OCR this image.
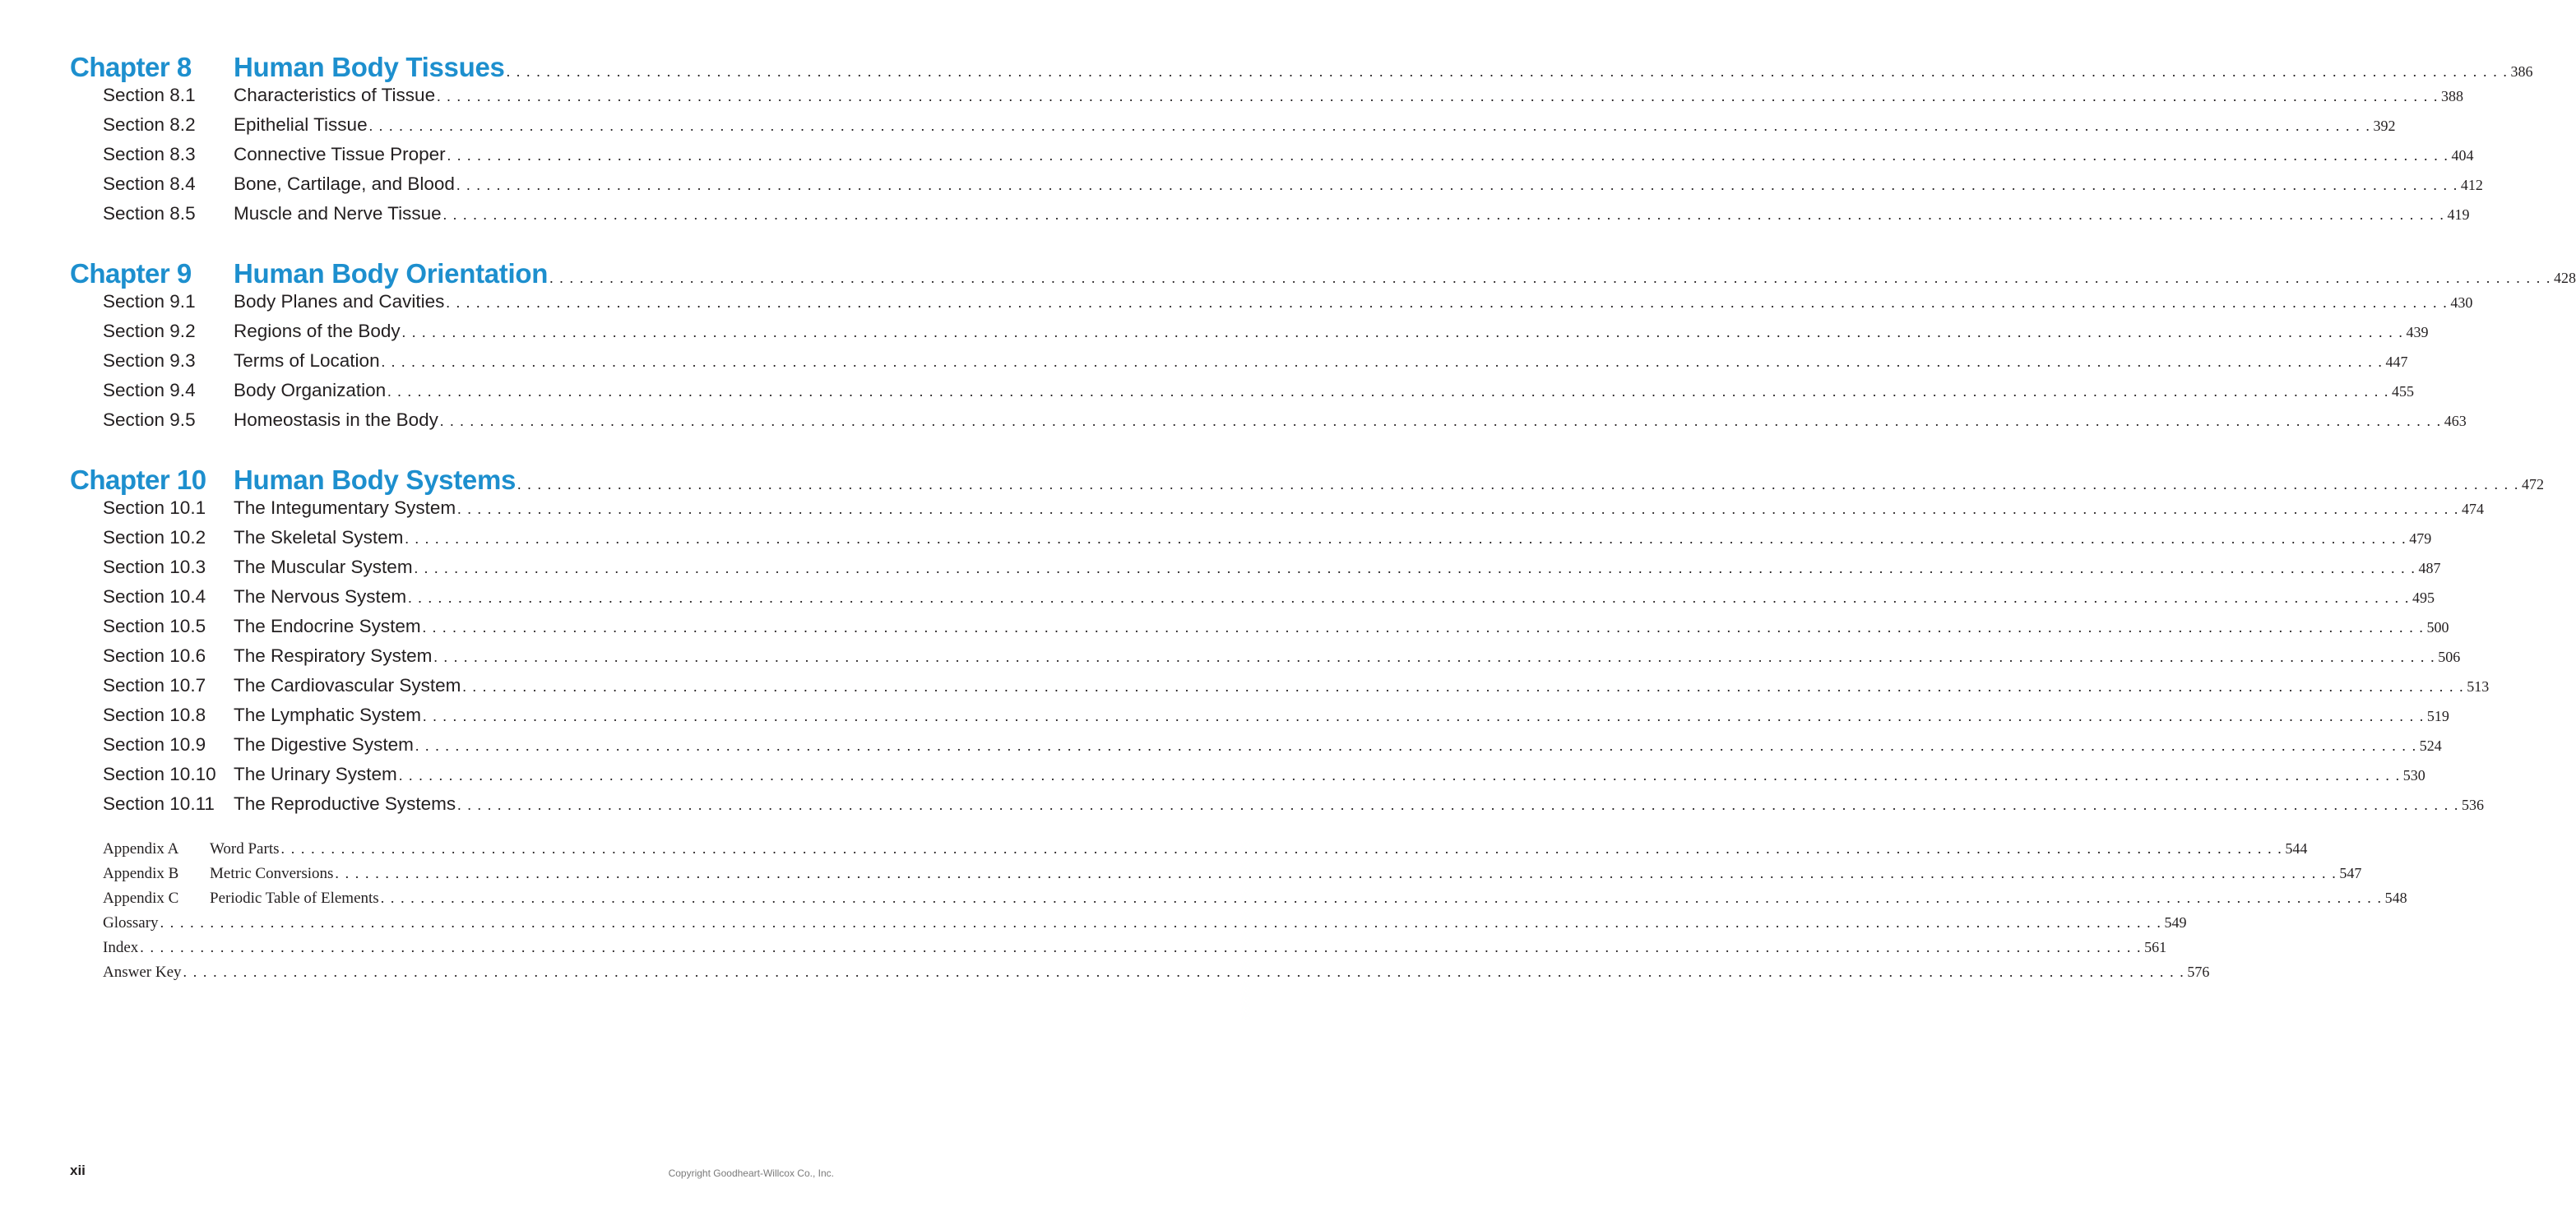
Chapter 8	Human Body Tissues . . . . . . . . . . . . . . . . . . . . . . . . . . . . . . . . . . . . . . . . . . . . . . . . . . . . . . . . . . . . . . . . . . . . . . . . . . . . . . . . . . . . . . . . . . . . . . . . . . . . . . . . . . . . . . . . . . . . . . . . . . . . . . . . . . . . . . . . . . . . . . . . . . . . . . . . . . . . . . . . . . . . . . . . . . . . . . . . . . . . . . . . . . . . . . . . . . . . . . . . 386
Section 8.1	Characteristics of Tissue . . . . . . . . . . . . . . . . . . . . . . . . . . . . . . . . . . . . . . . . . . . . . . . . . . . . . . . . . . . . . . . . . . . . . . . . . . . . . . . . . . . . . . . . . . . . . . . . . . . . . . . . . . . . . . . . . . . . . . . . . . . . . . . . . . . . . . . . . . . . . . . . . . . . . . . . . . . . . . . . . . . . . . . . . . . . . . . . . . . . . . . . . . . . . . . . . . . . . . . . 388
Section 8.2	Epithelial Tissue . . . . . . . . . . . . . . . . . . . . . . . . . . . . . . . . . . . . . . . . . . . . . . . . . . . . . . . . . . . . . . . . . . . . . . . . . . . . . . . . . . . . . . . . . . . . . . . . . . . . . . . . . . . . . . . . . . . . . . . . . . . . . . . . . . . . . . . . . . . . . . . . . . . . . . . . . . . . . . . . . . . . . . . . . . . . . . . . . . . . . . . . . . . . . . . . . . . . . . . . 392
Section 8.3	Connective Tissue Proper . . . . . . . . . . . . . . . . . . . . . . . . . . . . . . . . . . . . . . . . . . . . . . . . . . . . . . . . . . . . . . . . . . . . . . . . . . . . . . . . . . . . . . . . . . . . . . . . . . . . . . . . . . . . . . . . . . . . . . . . . . . . . . . . . . . . . . . . . . . . . . . . . . . . . . . . . . . . . . . . . . . . . . . . . . . . . . . . . . . . . . . . . . . . . . . . . . . . . . . . 404
Section 8.4	Bone, Cartilage, and Blood . . . . . . . . . . . . . . . . . . . . . . . . . . . . . . . . . . . . . . . . . . . . . . . . . . . . . . . . . . . . . . . . . . . . . . . . . . . . . . . . . . . . . . . . . . . . . . . . . . . . . . . . . . . . . . . . . . . . . . . . . . . . . . . . . . . . . . . . . . . . . . . . . . . . . . . . . . . . . . . . . . . . . . . . . . . . . . . . . . . . . . . . . . . . . . . . . . . . . . . . 412
Section 8.5	Muscle and Nerve Tissue . . . . . . . . . . . . . . . . . . . . . . . . . . . . . . . . . . . . . . . . . . . . . . . . . . . . . . . . . . . . . . . . . . . . . . . . . . . . . . . . . . . . . . . . . . . . . . . . . . . . . . . . . . . . . . . . . . . . . . . . . . . . . . . . . . . . . . . . . . . . . . . . . . . . . . . . . . . . . . . . . . . . . . . . . . . . . . . . . . . . . . . . . . . . . . . . . . . . . . . . 419
Chapter 9	Human Body Orientation . . . . . . . . . . . . . . . . . . . . . . . . . . . . . . . . . . . . . . . . . . . . . . . . . . . . . . . . . . . . . . . . . . . . . . . . . . . . . . . . . . . . . . . . . . . . . . . . . . . . . . . . . . . . . . . . . . . . . . . . . . . . . . . . . . . . . . . . . . . . . . . . . . . . . . . . . . . . . . . . . . . . . . . . . . . . . . . . . . . . . . . . . . . . . . . . . . . . . . . . 428
Section 9.1	Body Planes and Cavities . . . . . . . . . . . . . . . . . . . . . . . . . . . . . . . . . . . . . . . . . . . . . . . . . . . . . . . . . . . . . . . . . . . . . . . . . . . . . . . . . . . . . . . . . . . . . . . . . . . . . . . . . . . . . . . . . . . . . . . . . . . . . . . . . . . . . . . . . . . . . . . . . . . . . . . . . . . . . . . . . . . . . . . . . . . . . . . . . . . . . . . . . . . . . . . . . . . . . . . . 430
Section 9.2	Regions of the Body . . . . . . . . . . . . . . . . . . . . . . . . . . . . . . . . . . . . . . . . . . . . . . . . . . . . . . . . . . . . . . . . . . . . . . . . . . . . . . . . . . . . . . . . . . . . . . . . . . . . . . . . . . . . . . . . . . . . . . . . . . . . . . . . . . . . . . . . . . . . . . . . . . . . . . . . . . . . . . . . . . . . . . . . . . . . . . . . . . . . . . . . . . . . . . . . . . . . . . . . 439
Section 9.3	Terms of Location . . . . . . . . . . . . . . . . . . . . . . . . . . . . . . . . . . . . . . . . . . . . . . . . . . . . . . . . . . . . . . . . . . . . . . . . . . . . . . . . . . . . . . . . . . . . . . . . . . . . . . . . . . . . . . . . . . . . . . . . . . . . . . . . . . . . . . . . . . . . . . . . . . . . . . . . . . . . . . . . . . . . . . . . . . . . . . . . . . . . . . . . . . . . . . . . . . . . . . . . 447
Section 9.4	Body Organization . . . . . . . . . . . . . . . . . . . . . . . . . . . . . . . . . . . . . . . . . . . . . . . . . . . . . . . . . . . . . . . . . . . . . . . . . . . . . . . . . . . . . . . . . . . . . . . . . . . . . . . . . . . . . . . . . . . . . . . . . . . . . . . . . . . . . . . . . . . . . . . . . . . . . . . . . . . . . . . . . . . . . . . . . . . . . . . . . . . . . . . . . . . . . . . . . . . . . . . . 455
Section 9.5	Homeostasis in the Body . . . . . . . . . . . . . . . . . . . . . . . . . . . . . . . . . . . . . . . . . . . . . . . . . . . . . . . . . . . . . . . . . . . . . . . . . . . . . . . . . . . . . . . . . . . . . . . . . . . . . . . . . . . . . . . . . . . . . . . . . . . . . . . . . . . . . . . . . . . . . . . . . . . . . . . . . . . . . . . . . . . . . . . . . . . . . . . . . . . . . . . . . . . . . . . . . . . . . . . . 463
Chapter 10	Human Body Systems . . . . . . . . . . . . . . . . . . . . . . . . . . . . . . . . . . . . . . . . . . . . . . . . . . . . . . . . . . . . . . . . . . . . . . . . . . . . . . . . . . . . . . . . . . . . . . . . . . . . . . . . . . . . . . . . . . . . . . . . . . . . . . . . . . . . . . . . . . . . . . . . . . . . . . . . . . . . . . . . . . . . . . . . . . . . . . . . . . . . . . . . . . . . . . . . . . . . . . . . 472
Section 10.1	The Integumentary System . . . . . . . . . . . . . . . . . . . . . . . . . . . . . . . . . . . . . . . . . . . . . . . . . . . . . . . . . . . . . . . . . . . . . . . . . . . . . . . . . . . . . . . . . . . . . . . . . . . . . . . . . . . . . . . . . . . . . . . . . . . . . . . . . . . . . . . . . . . . . . . . . . . . . . . . . . . . . . . . . . . . . . . . . . . . . . . . . . . . . . . . . . . . . . . . . . . . . . . . 474
Section 10.2	The Skeletal System . . . . . . . . . . . . . . . . . . . . . . . . . . . . . . . . . . . . . . . . . . . . . . . . . . . . . . . . . . . . . . . . . . . . . . . . . . . . . . . . . . . . . . . . . . . . . . . . . . . . . . . . . . . . . . . . . . . . . . . . . . . . . . . . . . . . . . . . . . . . . . . . . . . . . . . . . . . . . . . . . . . . . . . . . . . . . . . . . . . . . . . . . . . . . . . . . . . . . . . . 479
Section 10.3	The Muscular System . . . . . . . . . . . . . . . . . . . . . . . . . . . . . . . . . . . . . . . . . . . . . . . . . . . . . . . . . . . . . . . . . . . . . . . . . . . . . . . . . . . . . . . . . . . . . . . . . . . . . . . . . . . . . . . . . . . . . . . . . . . . . . . . . . . . . . . . . . . . . . . . . . . . . . . . . . . . . . . . . . . . . . . . . . . . . . . . . . . . . . . . . . . . . . . . . . . . . . . . 487
Section 10.4	The Nervous System . . . . . . . . . . . . . . . . . . . . . . . . . . . . . . . . . . . . . . . . . . . . . . . . . . . . . . . . . . . . . . . . . . . . . . . . . . . . . . . . . . . . . . . . . . . . . . . . . . . . . . . . . . . . . . . . . . . . . . . . . . . . . . . . . . . . . . . . . . . . . . . . . . . . . . . . . . . . . . . . . . . . . . . . . . . . . . . . . . . . . . . . . . . . . . . . . . . . . . . . 495
Section 10.5	The Endocrine System . . . . . . . . . . . . . . . . . . . . . . . . . . . . . . . . . . . . . . . . . . . . . . . . . . . . . . . . . . . . . . . . . . . . . . . . . . . . . . . . . . . . . . . . . . . . . . . . . . . . . . . . . . . . . . . . . . . . . . . . . . . . . . . . . . . . . . . . . . . . . . . . . . . . . . . . . . . . . . . . . . . . . . . . . . . . . . . . . . . . . . . . . . . . . . . . . . . . . . . . 500
Section 10.6	The Respiratory System . . . . . . . . . . . . . . . . . . . . . . . . . . . . . . . . . . . . . . . . . . . . . . . . . . . . . . . . . . . . . . . . . . . . . . . . . . . . . . . . . . . . . . . . . . . . . . . . . . . . . . . . . . . . . . . . . . . . . . . . . . . . . . . . . . . . . . . . . . . . . . . . . . . . . . . . . . . . . . . . . . . . . . . . . . . . . . . . . . . . . . . . . . . . . . . . . . . . . . . . 506
Section 10.7	The Cardiovascular System . . . . . . . . . . . . . . . . . . . . . . . . . . . . . . . . . . . . . . . . . . . . . . . . . . . . . . . . . . . . . . . . . . . . . . . . . . . . . . . . . . . . . . . . . . . . . . . . . . . . . . . . . . . . . . . . . . . . . . . . . . . . . . . . . . . . . . . . . . . . . . . . . . . . . . . . . . . . . . . . . . . . . . . . . . . . . . . . . . . . . . . . . . . . . . . . . . . . . . . . 513
Section 10.8	The Lymphatic System . . . . . . . . . . . . . . . . . . . . . . . . . . . . . . . . . . . . . . . . . . . . . . . . . . . . . . . . . . . . . . . . . . . . . . . . . . . . . . . . . . . . . . . . . . . . . . . . . . . . . . . . . . . . . . . . . . . . . . . . . . . . . . . . . . . . . . . . . . . . . . . . . . . . . . . . . . . . . . . . . . . . . . . . . . . . . . . . . . . . . . . . . . . . . . . . . . . . . . . . 519
Section 10.9	The Digestive System . . . . . . . . . . . . . . . . . . . . . . . . . . . . . . . . . . . . . . . . . . . . . . . . . . . . . . . . . . . . . . . . . . . . . . . . . . . . . . . . . . . . . . . . . . . . . . . . . . . . . . . . . . . . . . . . . . . . . . . . . . . . . . . . . . . . . . . . . . . . . . . . . . . . . . . . . . . . . . . . . . . . . . . . . . . . . . . . . . . . . . . . . . . . . . . . . . . . . . . . 524
Section 10.10 The Urinary System . . . . . . . . . . . . . . . . . . . . . . . . . . . . . . . . . . . . . . . . . . . . . . . . . . . . . . . . . . . . . . . . . . . . . . . . . . . . . . . . . . . . . . . . . . . . . . . . . . . . . . . . . . . . . . . . . . . . . . . . . . . . . . . . . . . . . . . . . . . . . . . . . . . . . . . . . . . . . . . . . . . . . . . . . . . . . . . . . . . . . . . . . . . . . . . . . . . . . . . . 530
Section 10.11	The Reproductive Systems . . . . . . . . . . . . . . . . . . . . . . . . . . . . . . . . . . . . . . . . . . . . . . . . . . . . . . . . . . . . . . . . . . . . . . . . . . . . . . . . . . . . . . . . . . . . . . . . . . . . . . . . . . . . . . . . . . . . . . . . . . . . . . . . . . . . . . . . . . . . . . . . . . . . . . . . . . . . . . . . . . . . . . . . . . . . . . . . . . . . . . . . . . . . . . . . . . . . . . . . 536
Appendix A	Word Parts . . . . . . . . . . . . . . . . . . . . . . . . . . . . . . . . . . . . . . . . . . . . . . . . . . . . . . . . . . . . . . . . . . . . . . . . . . . . . . . . . . . . . . . . . . . . . . . . . . . . . . . . . . . . . . . . . . . . . . . . . . . . . . . . . . . . . . . . . . . . . . . . . . . . . . . . . . . . . . . . . . . . . . . . . . . . . . . . . . . . . . . . . . . . . . . . . . . . . . . . 544
Appendix B	Metric Conversions . . . . . . . . . . . . . . . . . . . . . . . . . . . . . . . . . . . . . . . . . . . . . . . . . . . . . . . . . . . . . . . . . . . . . . . . . . . . . . . . . . . . . . . . . . . . . . . . . . . . . . . . . . . . . . . . . . . . . . . . . . . . . . . . . . . . . . . . . . . . . . . . . . . . . . . . . . . . . . . . . . . . . . . . . . . . . . . . . . . . . . . . . . . . . . . . . . . . . . . . 547
Appendix C	Periodic Table of Elements . . . . . . . . . . . . . . . . . . . . . . . . . . . . . . . . . . . . . . . . . . . . . . . . . . . . . . . . . . . . . . . . . . . . . . . . . . . . . . . . . . . . . . . . . . . . . . . . . . . . . . . . . . . . . . . . . . . . . . . . . . . . . . . . . . . . . . . . . . . . . . . . . . . . . . . . . . . . . . . . . . . . . . . . . . . . . . . . . . . . . . . . . . . . . . . . . . . . . . . . 548
Glossary . . . . . . . . . . . . . . . . . . . . . . . . . . . . . . . . . . . . . . . . . . . . . . . . . . . . . . . . . . . . . . . . . . . . . . . . . . . . . . . . . . . . . . . . . . . . . . . . . . . . . . . . . . . . . . . . . . . . . . . . . . . . . . . . . . . . . . . . . . . . . . . . . . . . . . . . . . . . . . . . . . . . . . . . . . . . . . . . . . . . . . . . . . . . . . . . . . . . . . . . 549
Index . . . . . . . . . . . . . . . . . . . . . . . . . . . . . . . . . . . . . . . . . . . . . . . . . . . . . . . . . . . . . . . . . . . . . . . . . . . . . . . . . . . . . . . . . . . . . . . . . . . . . . . . . . . . . . . . . . . . . . . . . . . . . . . . . . . . . . . . . . . . . . . . . . . . . . . . . . . . . . . . . . . . . . . . . . . . . . . . . . . . . . . . . . . . . . . . . . . . . . . . 561
Answer Key . . . . . . . . . . . . . . . . . . . . . . . . . . . . . . . . . . . . . . . . . . . . . . . . . . . . . . . . . . . . . . . . . . . . . . . . . . . . . . . . . . . . . . . . . . . . . . . . . . . . . . . . . . . . . . . . . . . . . . . . . . . . . . . . . . . . . . . . . . . . . . . . . . . . . . . . . . . . . . . . . . . . . . . . . . . . . . . . . . . . . . . . . . . . . . . . . . . . . . . . 576
xii	Copyright Goodheart-Willcox Co., Inc.
